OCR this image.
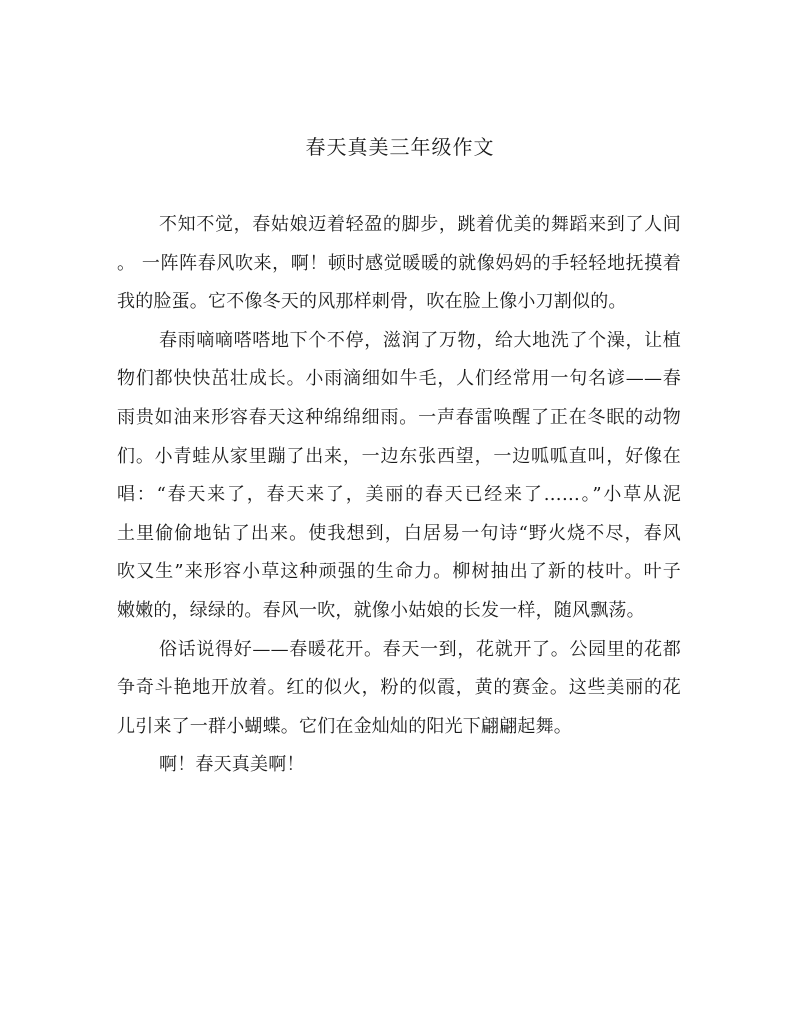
春天真美三年级作文
不知不觉，春姑娘迈着轻盈的脚步，跳着优美的舞蹈来到了人间
。 一阵阵春风吹来，啊！顿时感觉暖暖的就像妈妈的手轻轻地抚摸着
我的脸蛋。它不像冬天的风那样刺骨，吹在脸上像小刀割似的。
春雨嘀嘀嗒嗒地下个不停，滋润了万物，给大地洗了个澡，让植
物们都快快茁壮成长。小雨滴细如牛毛，人们经常用一句名谚——春
雨贵如油来形容春天这种绵绵细雨。一声春雷唤醒了正在冬眠的动物
们。小青蛙从家里蹦了出来，一边东张西望，一边呱呱直叫，好像在
唱：“春天来了，春天来了，美丽的春天已经来了……。”小草从泥
土里偷偷地钻了出来。使我想到，白居易一句诗“野火烧不尽，春风
吹又生”来形容小草这种顽强的生命力。柳树抽出了新的枝叶。叶子
嫩嫩的，绿绿的。春风一吹，就像小姑娘的长发一样，随风飘荡。
俗话说得好——春暖花开。春天一到，花就开了。公园里的花都
争奇斗艳地开放着。红的似火，粉的似霞，黄的赛金。这些美丽的花
儿引来了一群小蝴蝶。它们在金灿灿的阳光下翩翩起舞。
啊！春天真美啊！
